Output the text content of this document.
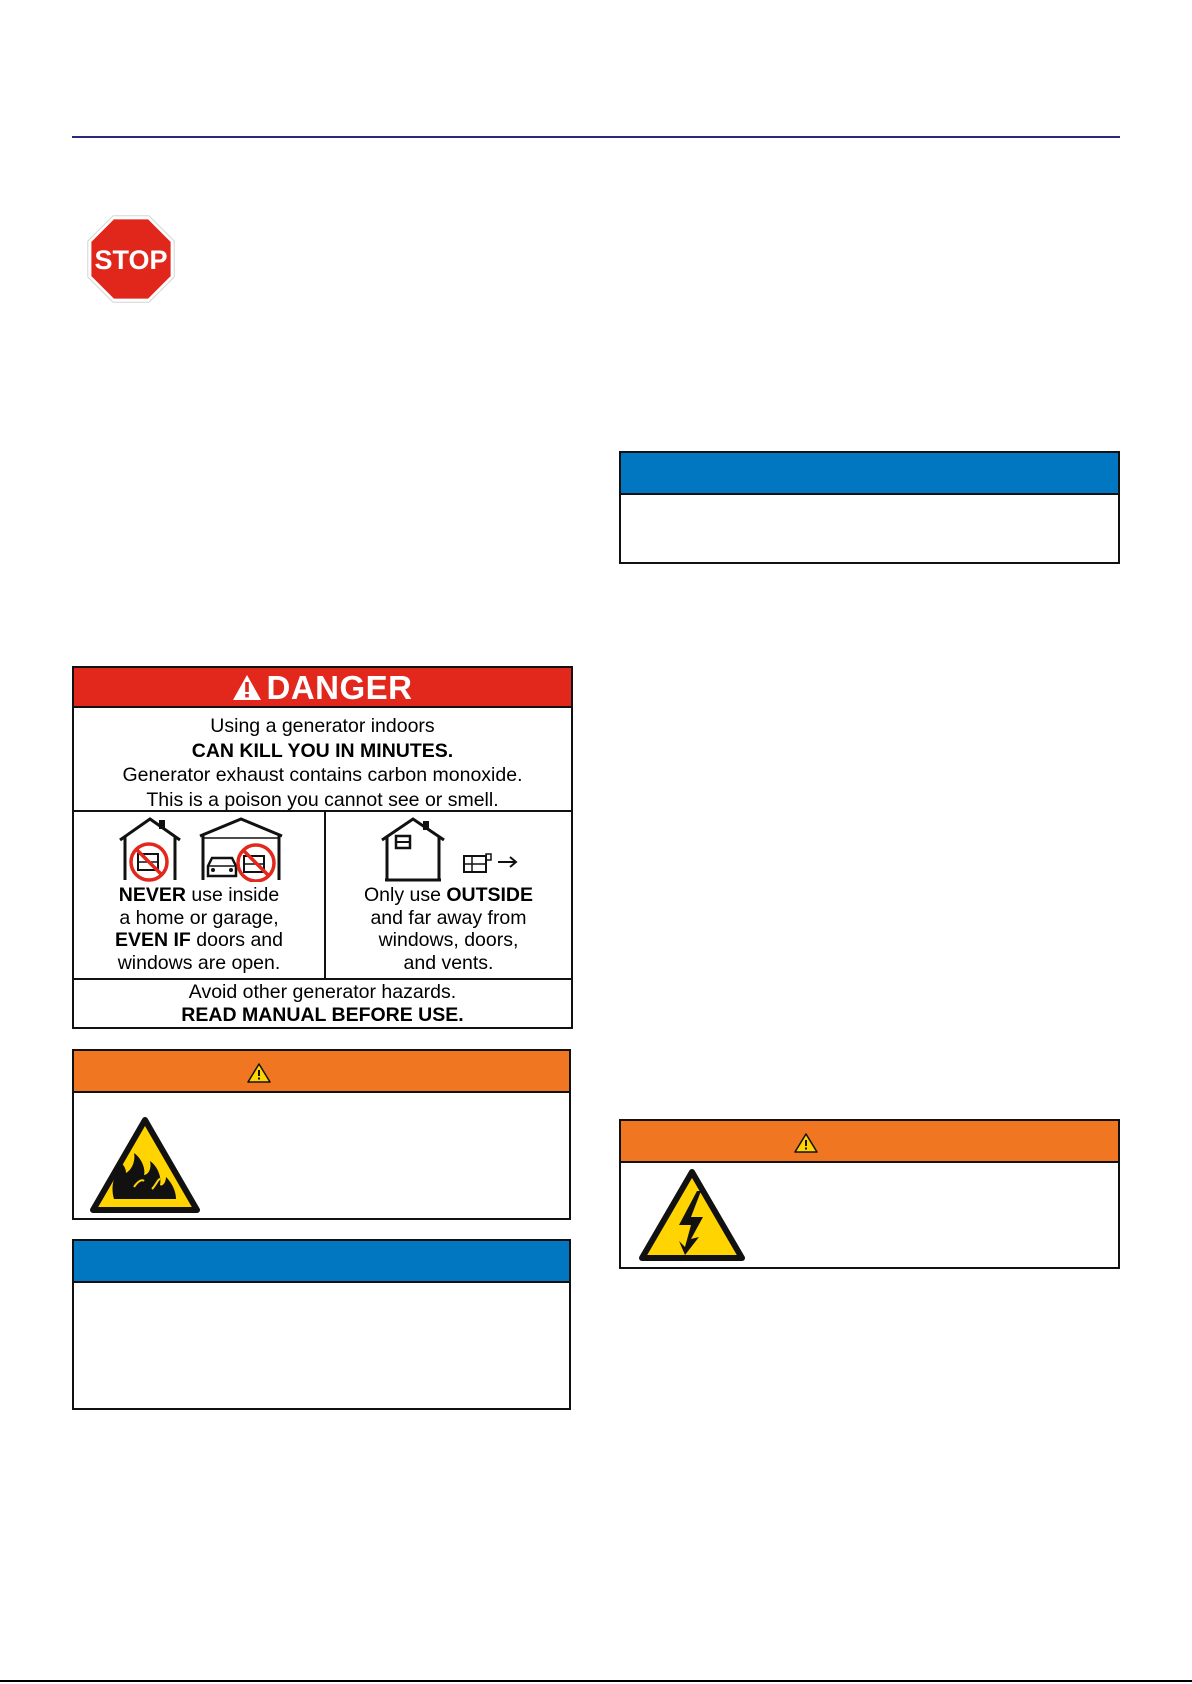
STOP
DANGER
Using a generator indoors
CAN KILL YOU IN MINUTES.
Generator exhaust contains carbon monoxide.
This is a poison you cannot see or smell.
NEVER use inside
a home or garage,
EVEN IF doors and
windows are open.
Only use OUTSIDE
and far away from
windows, doors,
and vents.
Avoid other generator hazards.
READ MANUAL BEFORE USE.
